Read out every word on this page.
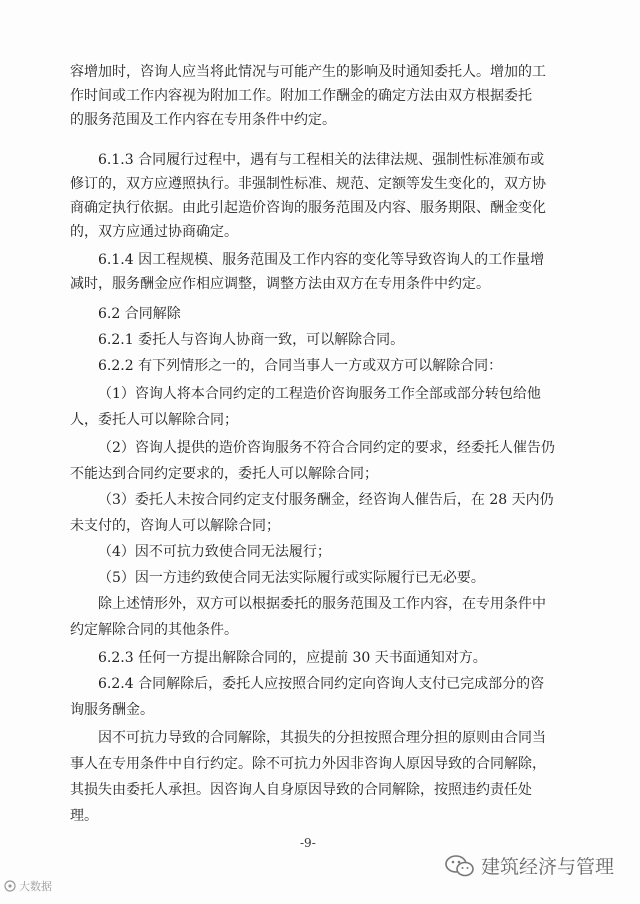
容增加时，咨询人应当将此情况与可能产生的影响及时通知委托人。增加的工
作时间或工作内容视为附加工作。附加工作酬金的确定方法由双方根据委托
的服务范围及工作内容在专用条件中约定。
6.1.3 合同履行过程中，遇有与工程相关的法律法规、强制性标准颁布或
修订的，双方应遵照执行。非强制性标准、规范、定额等发生变化的，双方协
商确定执行依据。由此引起造价咨询的服务范围及内容、服务期限、酬金变化
的，双方应通过协商确定。
6.1.4 因工程规模、服务范围及工作内容的变化等导致咨询人的工作量增
减时，服务酬金应作相应调整，调整方法由双方在专用条件中约定。
6.2 合同解除
6.2.1 委托人与咨询人协商一致，可以解除合同。
6.2.2 有下列情形之一的，合同当事人一方或双方可以解除合同：
（1）咨询人将本合同约定的工程造价咨询服务工作全部或部分转包给他
人，委托人可以解除合同；
（2）咨询人提供的造价咨询服务不符合合同约定的要求，经委托人催告仍
不能达到合同约定要求的，委托人可以解除合同；
（3）委托人未按合同约定支付服务酬金，经咨询人催告后，在 28 天内仍
未支付的，咨询人可以解除合同；
（4）因不可抗力致使合同无法履行；
（5）因一方违约致使合同无法实际履行或实际履行已无必要。
除上述情形外，双方可以根据委托的服务范围及工作内容，在专用条件中
约定解除合同的其他条件。
6.2.3 任何一方提出解除合同的，应提前 30 天书面通知对方。
6.2.4 合同解除后，委托人应按照合同约定向咨询人支付已完成部分的咨
询服务酬金。
因不可抗力导致的合同解除，其损失的分担按照合理分担的原则由合同当
事人在专用条件中自行约定。除不可抗力外因非咨询人原因导致的合同解除，
其损失由委托人承担。因咨询人自身原因导致的合同解除，按照违约责任处
理。
-9-
建筑经济与管理
大数据
